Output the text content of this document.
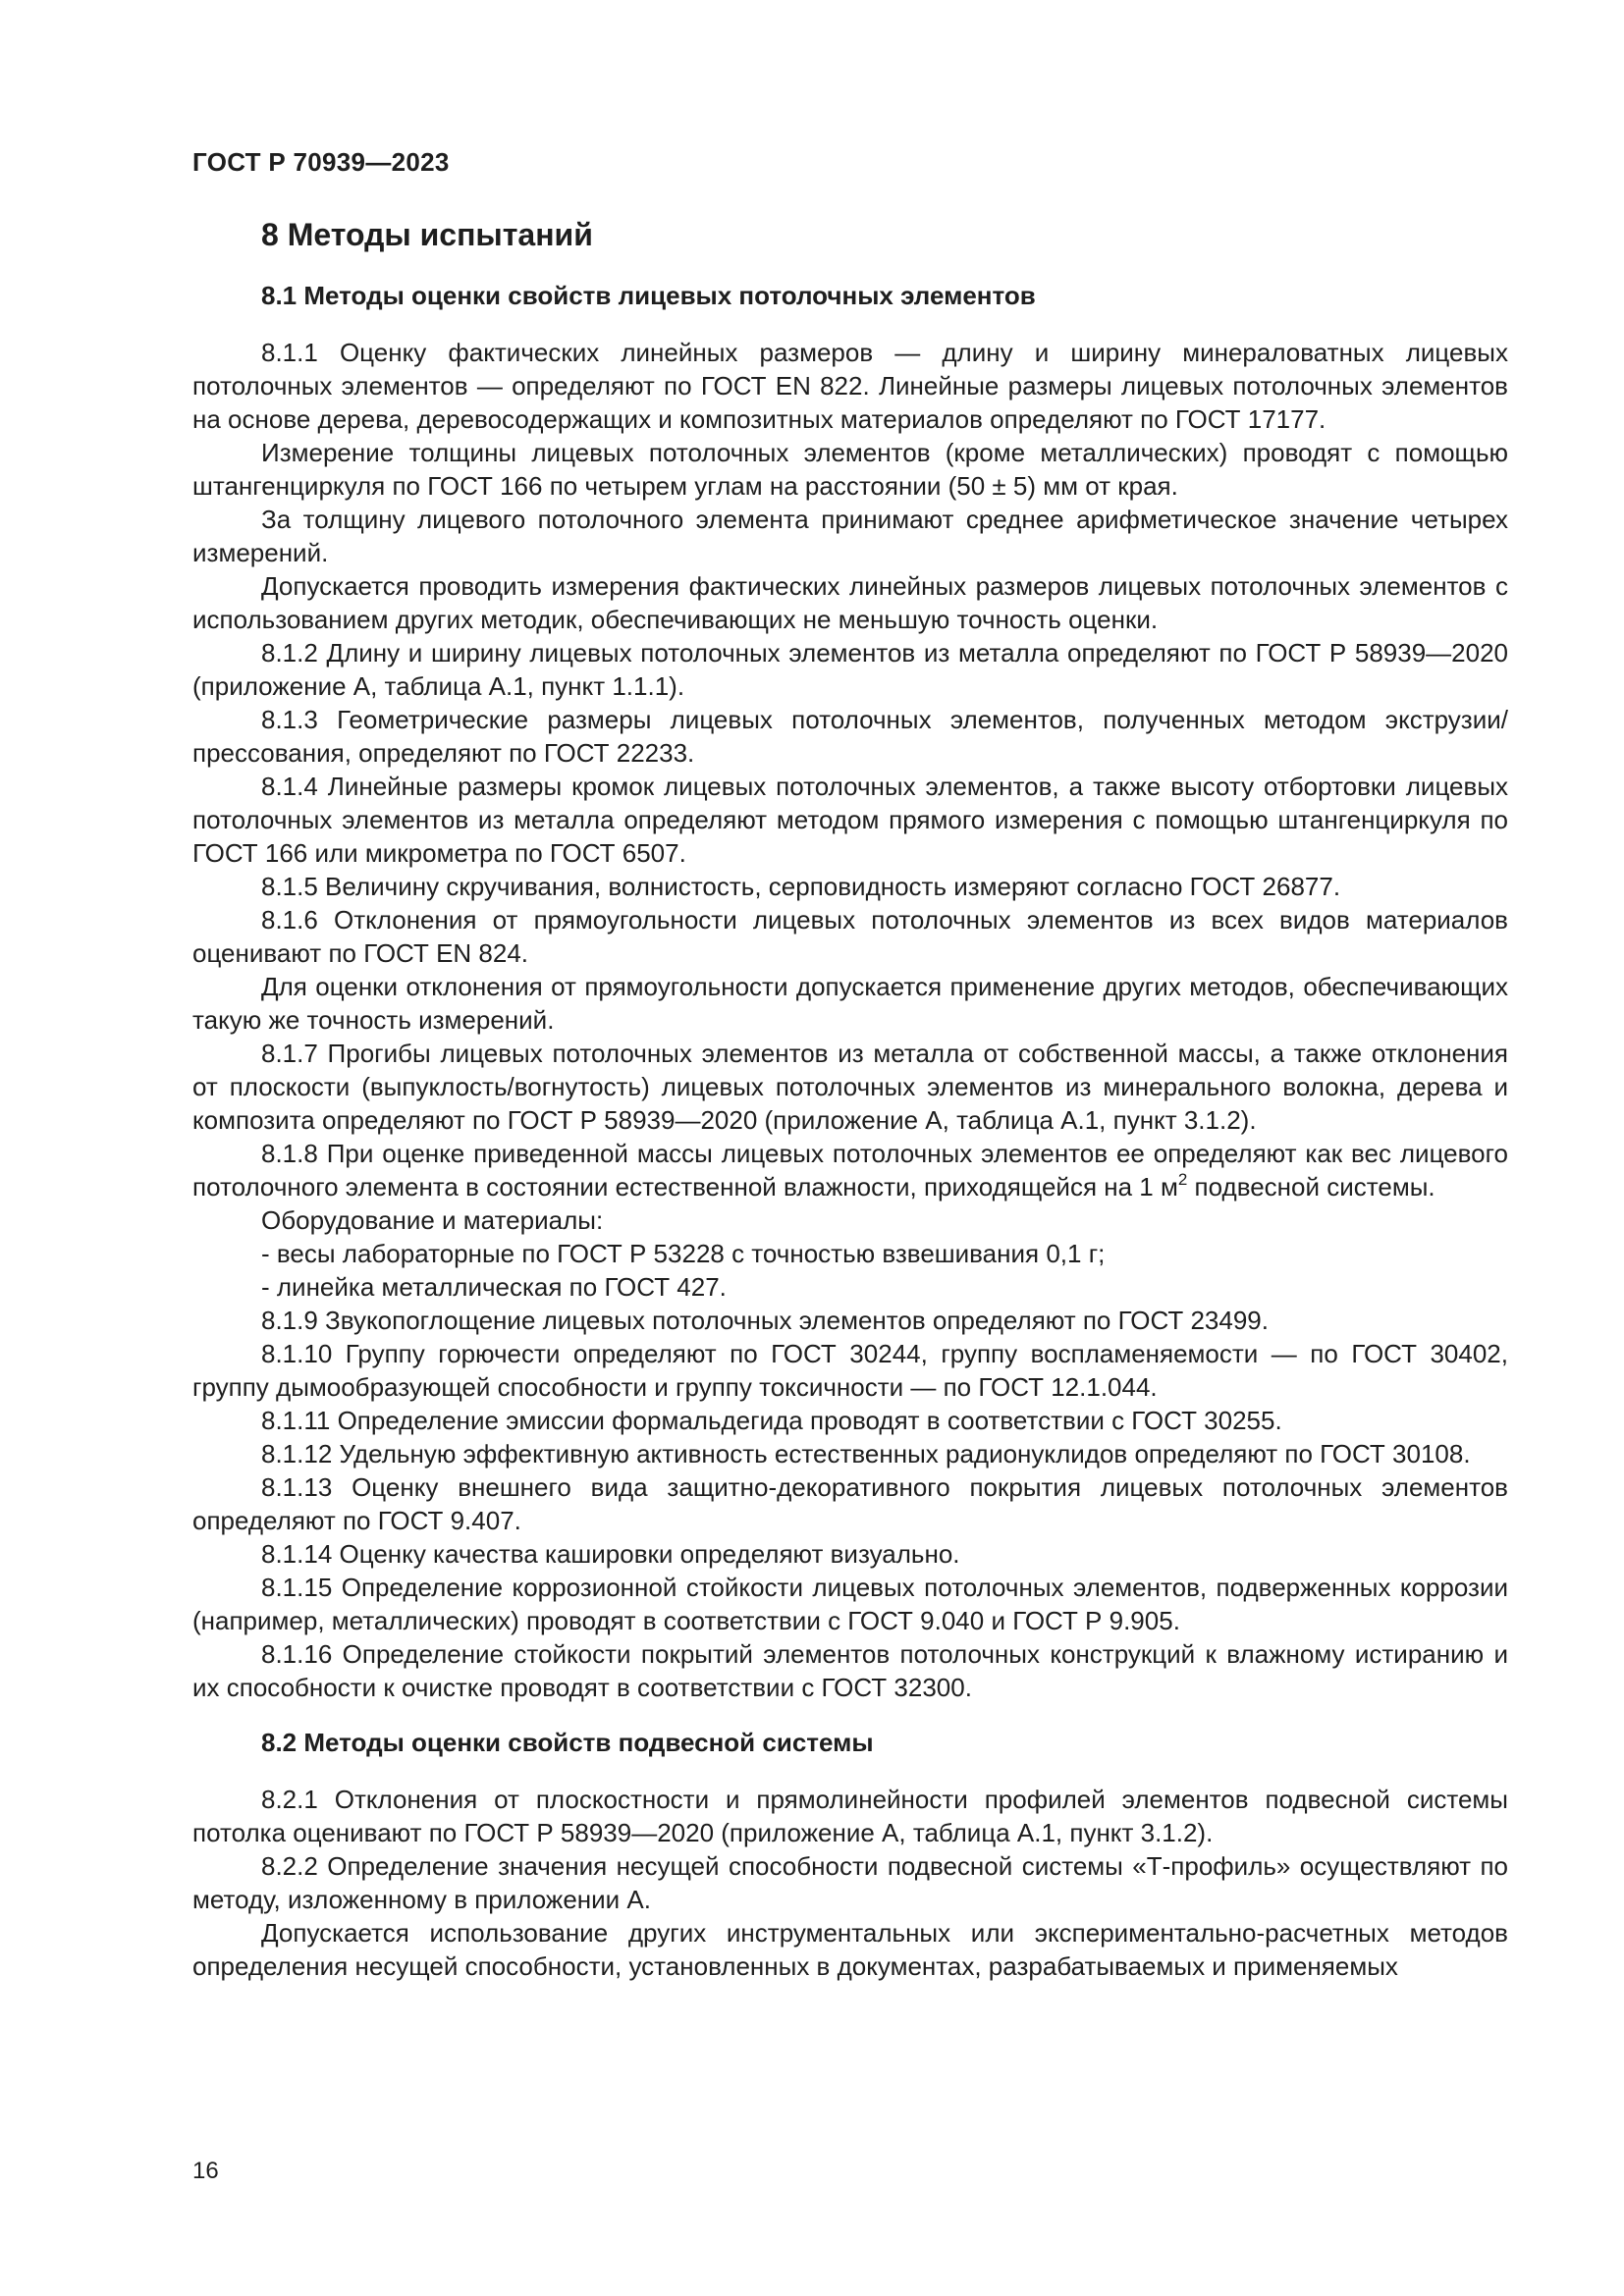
ГОСТ Р 70939—2023
8 Методы испытаний
8.1 Методы оценки свойств лицевых потолочных элементов

8.1.1 Оценку фактических линейных размеров — длину и ширину минераловатных лицевых потолочных элементов — определяют по ГОСТ EN 822. Линейные размеры лицевых потолочных элементов на основе дерева, деревосодержащих и композитных материалов определяют по ГОСТ 17177.

Измерение толщины лицевых потолочных элементов (кроме металлических) проводят с помощью штангенциркуля по ГОСТ 166 по четырем углам на расстоянии (50 ± 5) мм от края.

За толщину лицевого потолочного элемента принимают среднее арифметическое значение четырех измерений.

Допускается проводить измерения фактических линейных размеров лицевых потолочных элементов с использованием других методик, обеспечивающих не меньшую точность оценки.

8.1.2 Длину и ширину лицевых потолочных элементов из металла определяют по ГОСТ Р 58939—2020 (приложение А, таблица А.1, пункт 1.1.1).

8.1.3 Геометрические размеры лицевых потолочных элементов, полученных методом экструзии/прессования, определяют по ГОСТ 22233.

8.1.4 Линейные размеры кромок лицевых потолочных элементов, а также высоту отбортовки лицевых потолочных элементов из металла определяют методом прямого измерения с помощью штангенциркуля по ГОСТ 166 или микрометра по ГОСТ 6507.

8.1.5 Величину скручивания, волнистость, серповидность измеряют согласно ГОСТ 26877.

8.1.6 Отклонения от прямоугольности лицевых потолочных элементов из всех видов материалов оценивают по ГОСТ EN 824.

Для оценки отклонения от прямоугольности допускается применение других методов, обеспечивающих такую же точность измерений.

8.1.7 Прогибы лицевых потолочных элементов из металла от собственной массы, а также отклонения от плоскости (выпуклость/вогнутость) лицевых потолочных элементов из минерального волокна, дерева и композита определяют по ГОСТ Р 58939—2020 (приложение А, таблица А.1, пункт 3.1.2).

8.1.8 При оценке приведенной массы лицевых потолочных элементов ее определяют как вес лицевого потолочного элемента в состоянии естественной влажности, приходящейся на 1 $м^2$ подвесной системы.

Оборудование и материалы:

- весы лабораторные по ГОСТ Р 53228 с точностью взвешивания 0,1 г;

- линейка металлическая по ГОСТ 427.

8.1.9 Звукопоглощение лицевых потолочных элементов определяют по ГОСТ 23499.

8.1.10 Группу горючести определяют по ГОСТ 30244, группу воспламеняемости — по ГОСТ 30402, группу дымообразующей способности и группу токсичности — по ГОСТ 12.1.044.

8.1.11 Определение эмиссии формальдегида проводят в соответствии с ГОСТ 30255.

8.1.12 Удельную эффективную активность естественных радионуклидов определяют по ГОСТ 30108.

8.1.13 Оценку внешнего вида защитно-декоративного покрытия лицевых потолочных элементов определяют по ГОСТ 9.407.

8.1.14 Оценку качества кашировки определяют визуально.

8.1.15 Определение коррозионной стойкости лицевых потолочных элементов, подверженных коррозии (например, металлических) проводят в соответствии с ГОСТ 9.040 и ГОСТ Р 9.905.

8.1.16 Определение стойкости покрытий элементов потолочных конструкций к влажному истиранию и их способности к очистке проводят в соответствии с ГОСТ 32300.

8.2 Методы оценки свойств подвесной системы

8.2.1 Отклонения от плоскостности и прямолинейности профилей элементов подвесной системы потолка оценивают по ГОСТ Р 58939—2020 (приложение А, таблица А.1, пункт 3.1.2).

8.2.2 Определение значения несущей способности подвесной системы «Т-профиль» осуществляют по методу, изложенному в приложении А.

Допускается использование других инструментальных или экспериментально-расчетных методов определения несущей способности, установленных в документах, разрабатываемых и применяемых

16
